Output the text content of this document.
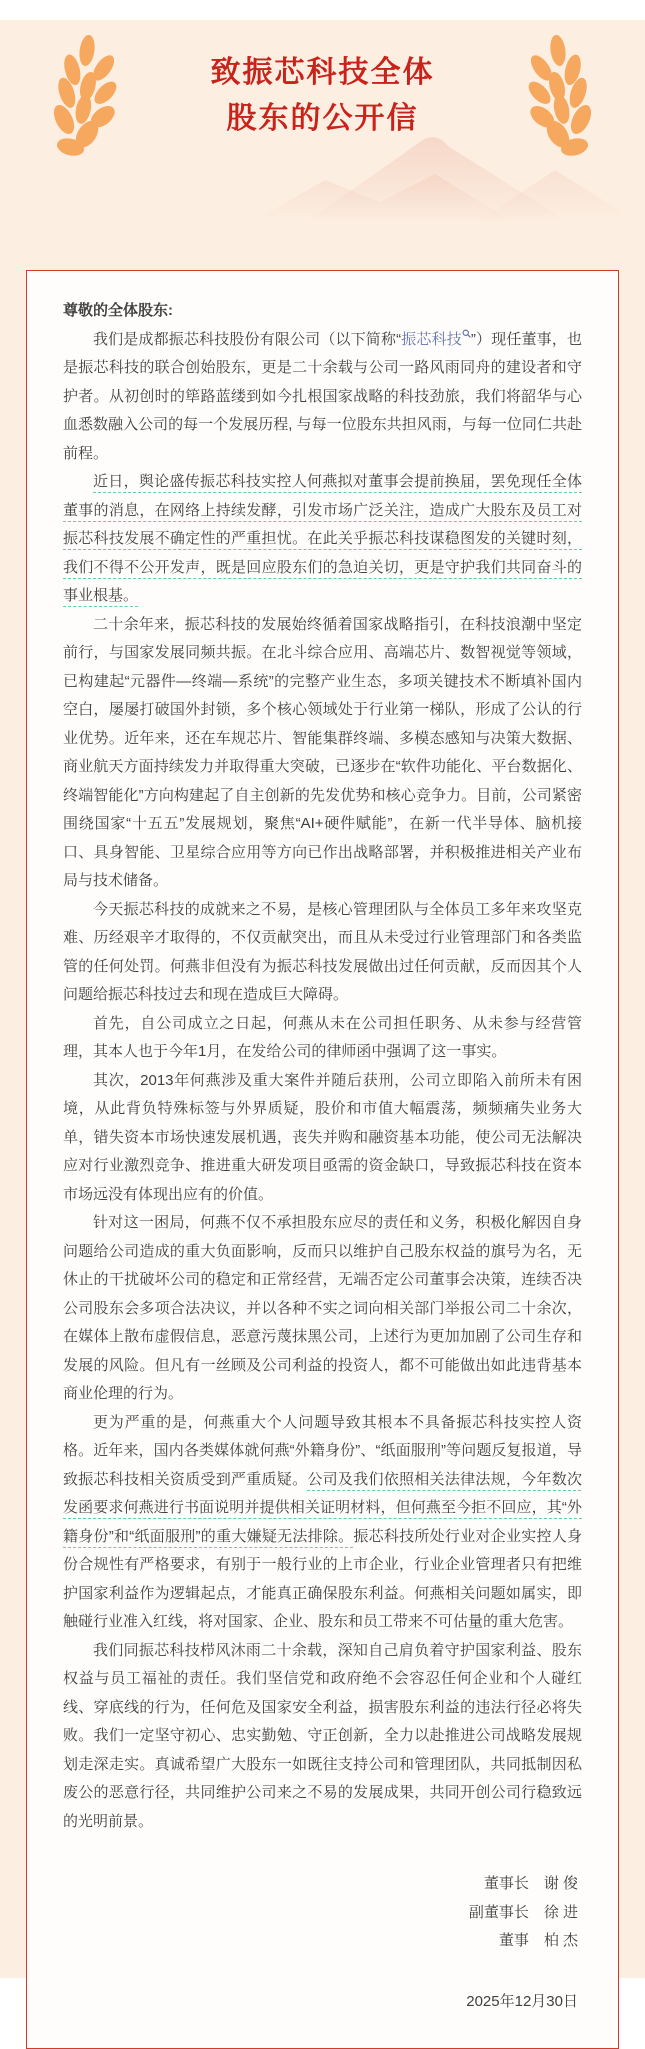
致振芯科技全体
股东的公开信

尊敬的全体股东:

我们是成都振芯科技股份有限公司（以下简称“振芯科技 ”）现任董事，也是振芯科技的联合创始股东，更是二十余载与公司一路风雨同舟的建设者和守护者。从初创时的筚路蓝缕到如今扎根国家战略的科技劲旅，我们将韶华与心血悉数融入公司的每一个发展历程, 与每一位股东共担风雨，与每一位同仁共赴前程。

近日，舆论盛传振芯科技实控人何燕拟对董事会提前换届，罢免现任全体董事的消息，在网络上持续发酵，引发市场广泛关注，造成广大股东及员工对振芯科技发展不确定性的严重担忧。在此关乎振芯科技谋稳图发的关键时刻，我们不得不公开发声，既是回应股东们的急迫关切，更是守护我们共同奋斗的事业根基。

二十余年来，振芯科技的发展始终循着国家战略指引，在科技浪潮中坚定前行，与国家发展同频共振。在北斗综合应用、高端芯片、数智视觉等领域，已构建起“元器件—终端—系统”的完整产业生态，多项关键技术不断填补国内空白，屡屡打破国外封锁，多个核心领域处于行业第一梯队，形成了公认的行业优势。近年来，还在车规芯片、智能集群终端、多模态感知与决策大数据、商业航天方面持续发力并取得重大突破，已逐步在“软件功能化、平台数据化、终端智能化”方向构建起了自主创新的先发优势和核心竞争力。目前，公司紧密围绕国家“十五五”发展规划，聚焦“AI+硬件赋能”，在新一代半导体、脑机接口、具身智能、卫星综合应用等方向已作出战略部署，并积极推进相关产业布局与技术储备。

今天振芯科技的成就来之不易，是核心管理团队与全体员工多年来攻坚克难、历经艰辛才取得的，不仅贡献突出，而且从未受过行业管理部门和各类监管的任何处罚。何燕非但没有为振芯科技发展做出过任何贡献，反而因其个人问题给振芯科技过去和现在造成巨大障碍。

首先，自公司成立之日起，何燕从未在公司担任职务、从未参与经营管理，其本人也于今年1月，在发给公司的律师函中强调了这一事实。

其次，2013年何燕涉及重大案件并随后获刑，公司立即陷入前所未有困境，从此背负特殊标签与外界质疑，股价和市值大幅震荡，频频痛失业务大单，错失资本市场快速发展机遇，丧失并购和融资基本功能，使公司无法解决应对行业激烈竞争、推进重大研发项目亟需的资金缺口，导致振芯科技在资本市场远没有体现出应有的价值。

针对这一困局，何燕不仅不承担股东应尽的责任和义务，积极化解因自身问题给公司造成的重大负面影响，反而只以维护自己股东权益的旗号为名，无休止的干扰破坏公司的稳定和正常经营，无端否定公司董事会决策，连续否决公司股东会多项合法决议，并以各种不实之词向相关部门举报公司二十余次，在媒体上散布虚假信息，恶意污蔑抹黑公司，上述行为更加加剧了公司生存和发展的风险。但凡有一丝顾及公司利益的投资人，都不可能做出如此违背基本商业伦理的行为。

更为严重的是，何燕重大个人问题导致其根本不具备振芯科技实控人资格。近年来，国内各类媒体就何燕“外籍身份”、“纸面服刑”等问题反复报道，导致振芯科技相关资质受到严重质疑。公司及我们依照相关法律法规，今年数次发函要求何燕进行书面说明并提供相关证明材料，但何燕至今拒不回应，其“外籍身份”和“纸面服刑”的重大嫌疑无法排除。振芯科技所处行业对企业实控人身份合规性有严格要求，有别于一般行业的上市企业，行业企业管理者只有把维护国家利益作为逻辑起点，才能真正确保股东利益。何燕相关问题如属实，即触碰行业准入红线，将对国家、企业、股东和员工带来不可估量的重大危害。

我们同振芯科技栉风沐雨二十余载，深知自己肩负着守护国家利益、股东权益与员工福祉的责任。我们坚信党和政府绝不会容忍任何企业和个人碰红线、穿底线的行为，任何危及国家安全利益，损害股东利益的违法行径必将失败。我们一定坚守初心、忠实勤勉、守正创新，全力以赴推进公司战略发展规划走深走实。真诚希望广大股东一如既往支持公司和管理团队，共同抵制因私废公的恶意行径，共同维护公司来之不易的发展成果，共同开创公司行稳致远的光明前景。

董事长　谢 俊
副董事长　徐 进
董事　柏 杰
2025年12月30日
